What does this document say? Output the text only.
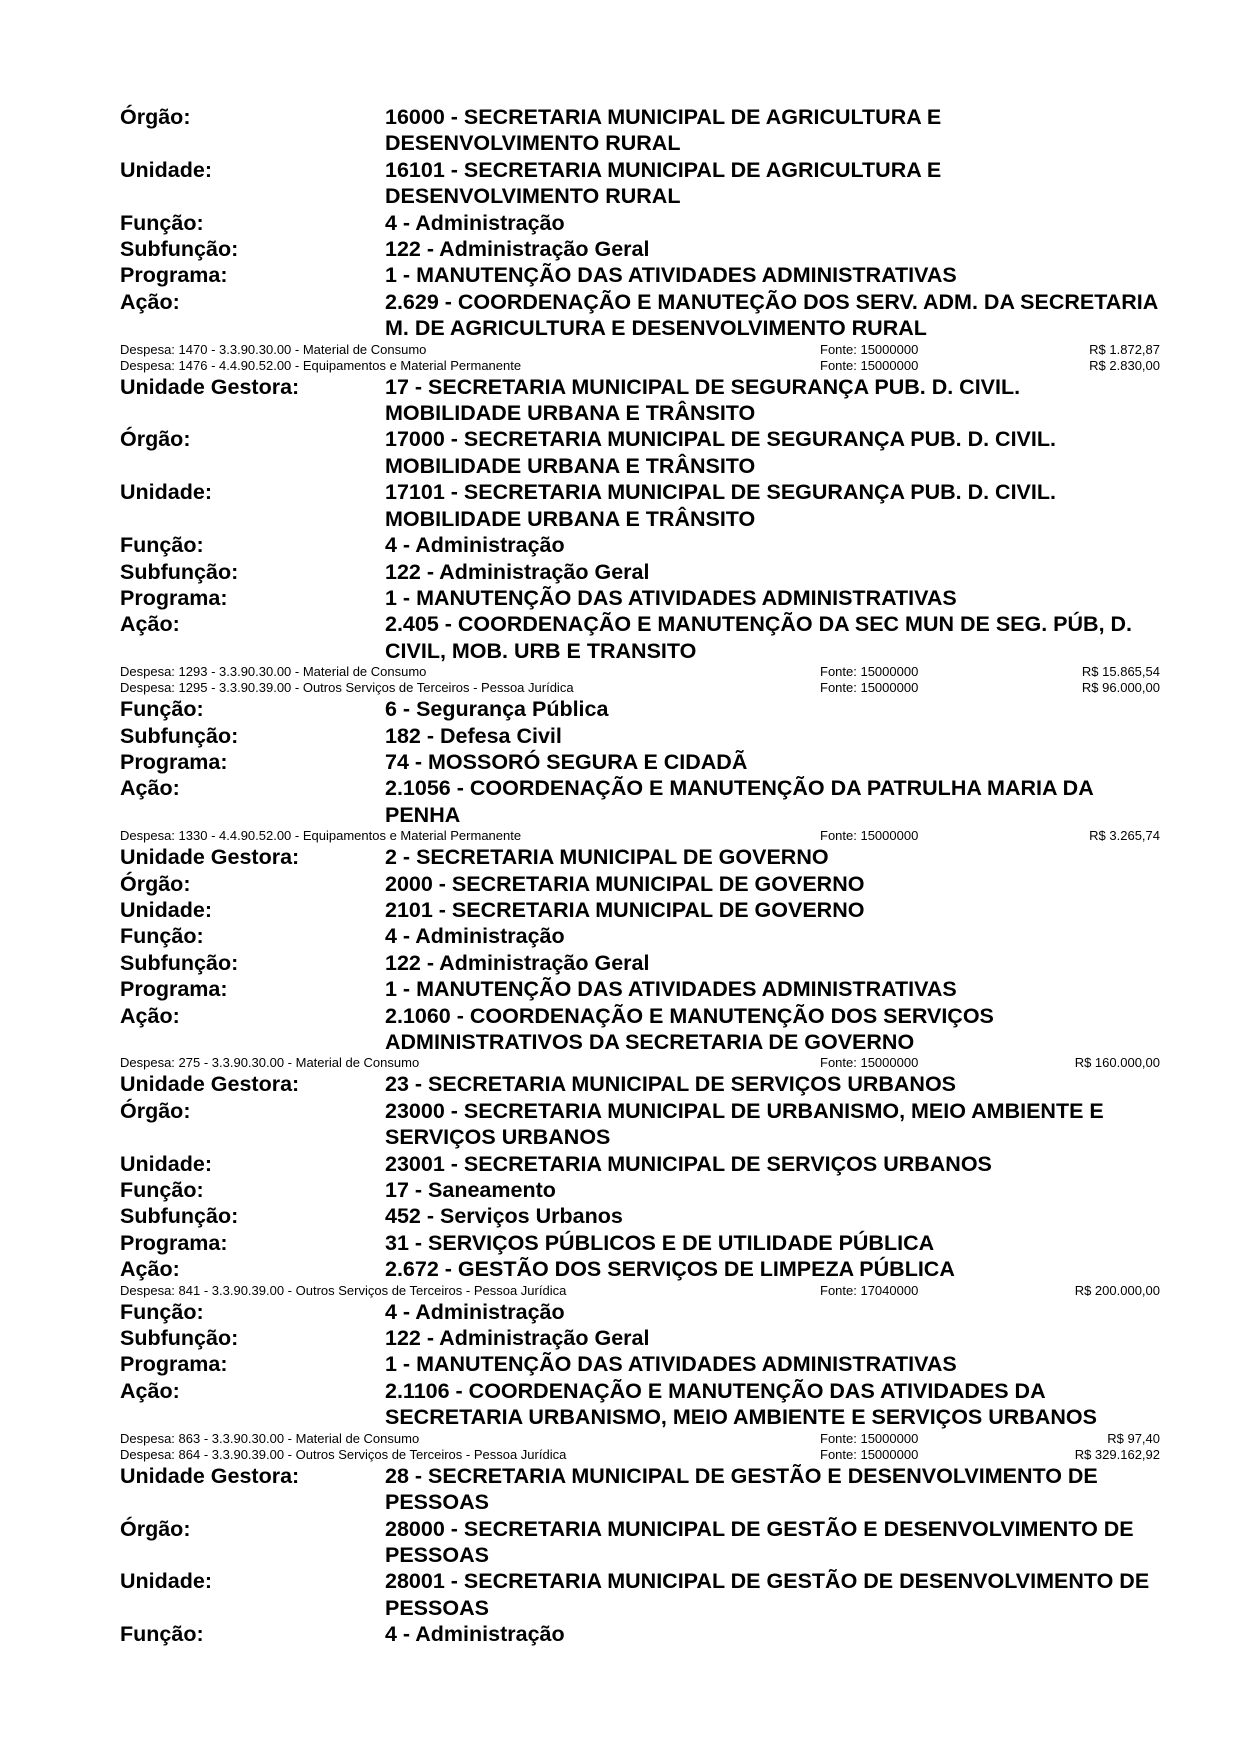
Órgão:	16000 - SECRETARIA MUNICIPAL DE AGRICULTURA E DESENVOLVIMENTO RURAL
Unidade:	16101 - SECRETARIA MUNICIPAL DE AGRICULTURA E DESENVOLVIMENTO RURAL
Função:	4 - Administração
Subfunção:	122 - Administração Geral
Programa:	1 - MANUTENÇÃO DAS ATIVIDADES ADMINISTRATIVAS
Ação:	2.629 - COORDENAÇÃO E MANUTEÇÃO DOS SERV. ADM. DA SECRETARIA M. DE AGRICULTURA E DESENVOLVIMENTO RURAL
Despesa: 1470 - 3.3.90.30.00 - Material de Consumo	Fonte: 15000000	R$ 1.872,87
Despesa: 1476 - 4.4.90.52.00 - Equipamentos e Material Permanente	Fonte: 15000000	R$ 2.830,00
Unidade Gestora:	17 - SECRETARIA MUNICIPAL DE SEGURANÇA PUB. D. CIVIL. MOBILIDADE URBANA E TRÂNSITO
Órgão:	17000 - SECRETARIA MUNICIPAL DE SEGURANÇA PUB. D. CIVIL. MOBILIDADE URBANA E TRÂNSITO
Unidade:	17101 - SECRETARIA MUNICIPAL DE SEGURANÇA PUB. D. CIVIL. MOBILIDADE URBANA E TRÂNSITO
Função:	4 - Administração
Subfunção:	122 - Administração Geral
Programa:	1 - MANUTENÇÃO DAS ATIVIDADES ADMINISTRATIVAS
Ação:	2.405 - COORDENAÇÃO E MANUTENÇÃO DA SEC MUN DE SEG. PÚB, D. CIVIL, MOB. URB E TRANSITO
Despesa: 1293 - 3.3.90.30.00 - Material de Consumo	Fonte: 15000000	R$ 15.865,54
Despesa: 1295 - 3.3.90.39.00 - Outros Serviços de Terceiros - Pessoa Jurídica	Fonte: 15000000	R$ 96.000,00
Função:	6 - Segurança Pública
Subfunção:	182 - Defesa Civil
Programa:	74 - MOSSORÓ SEGURA E CIDADÃ
Ação:	2.1056 - COORDENAÇÃO E MANUTENÇÃO DA PATRULHA MARIA DA PENHA
Despesa: 1330 - 4.4.90.52.00 - Equipamentos e Material Permanente	Fonte: 15000000	R$ 3.265,74
Unidade Gestora:	2 - SECRETARIA MUNICIPAL DE GOVERNO
Órgão:	2000 - SECRETARIA MUNICIPAL DE GOVERNO
Unidade:	2101 - SECRETARIA MUNICIPAL DE GOVERNO
Função:	4 - Administração
Subfunção:	122 - Administração Geral
Programa:	1 - MANUTENÇÃO DAS ATIVIDADES ADMINISTRATIVAS
Ação:	2.1060 - COORDENAÇÃO E MANUTENÇÃO DOS SERVIÇOS ADMINISTRATIVOS DA SECRETARIA DE GOVERNO
Despesa: 275 - 3.3.90.30.00 - Material de Consumo	Fonte: 15000000	R$ 160.000,00
Unidade Gestora:	23 - SECRETARIA MUNICIPAL DE SERVIÇOS URBANOS
Órgão:	23000 - SECRETARIA MUNICIPAL DE URBANISMO, MEIO AMBIENTE E SERVIÇOS URBANOS
Unidade:	23001 - SECRETARIA MUNICIPAL DE SERVIÇOS URBANOS
Função:	17 - Saneamento
Subfunção:	452 - Serviços Urbanos
Programa:	31 - SERVIÇOS PÚBLICOS E DE UTILIDADE PÚBLICA
Ação:	2.672 - GESTÃO DOS SERVIÇOS DE LIMPEZA PÚBLICA
Despesa: 841 - 3.3.90.39.00 - Outros Serviços de Terceiros - Pessoa Jurídica	Fonte: 17040000	R$ 200.000,00
Função:	4 - Administração
Subfunção:	122 - Administração Geral
Programa:	1 - MANUTENÇÃO DAS ATIVIDADES ADMINISTRATIVAS
Ação:	2.1106 - COORDENAÇÃO E MANUTENÇÃO DAS ATIVIDADES DA SECRETARIA URBANISMO, MEIO AMBIENTE E SERVIÇOS URBANOS
Despesa: 863 - 3.3.90.30.00 - Material de Consumo	Fonte: 15000000	R$ 97,40
Despesa: 864 - 3.3.90.39.00 - Outros Serviços de Terceiros - Pessoa Jurídica	Fonte: 15000000	R$ 329.162,92
Unidade Gestora:	28 - SECRETARIA MUNICIPAL DE GESTÃO E DESENVOLVIMENTO DE PESSOAS
Órgão:	28000 - SECRETARIA MUNICIPAL DE GESTÃO E DESENVOLVIMENTO DE PESSOAS
Unidade:	28001 - SECRETARIA MUNICIPAL DE GESTÃO DE DESENVOLVIMENTO DE PESSOAS
Função:	4 - Administração
